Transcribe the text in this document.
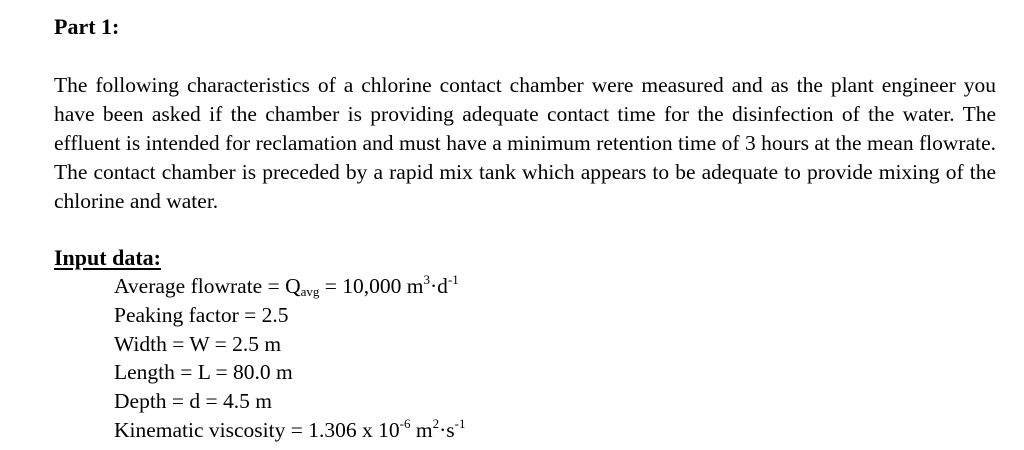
Part 1:

The following characteristics of a chlorine contact chamber were measured and as the plant engineer you have been asked if the chamber is providing adequate contact time for the disinfection of the water. The effluent is intended for reclamation and must have a minimum retention time of 3 hours at the mean flowrate. The contact chamber is preceded by a rapid mix tank which appears to be adequate to provide mixing of the chlorine and water.

Input data:
Average flowrate = $Q_{avg} = 10,000$ $m^3\cdot d^{-1}$
Peaking factor = 2.5
Width = W = 2.5 m
Length = L = 80.0 m
Depth = d = 4.5 m
Kinematic viscosity = 1.306 x $10^{-6}$ $m^2\cdot s^{-1}$
